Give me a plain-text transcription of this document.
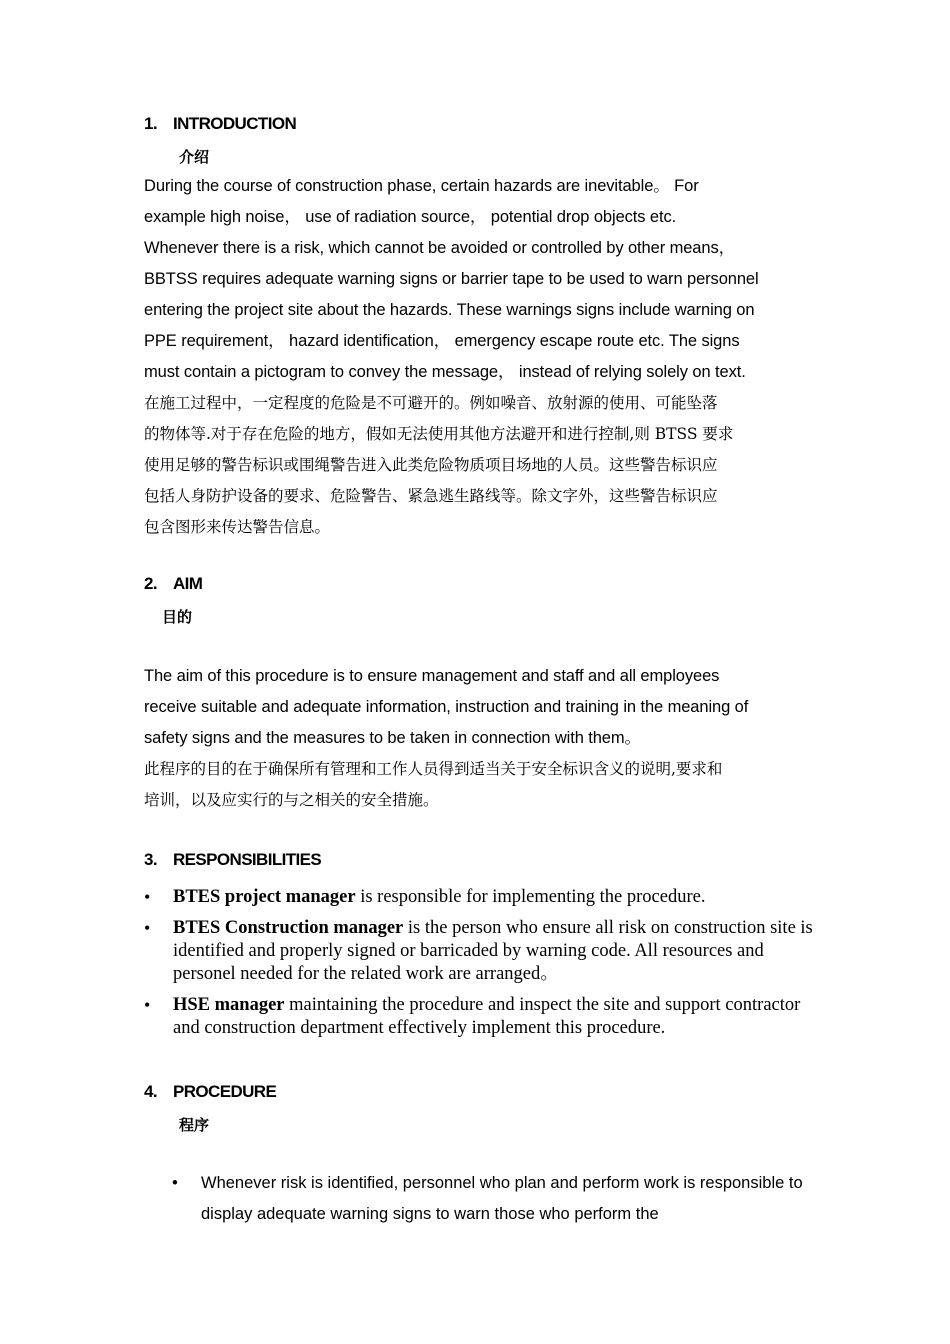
1. INTRODUCTION
介绍
During the course of construction phase, certain hazards are inevitable。 For
example high noise， use of radiation source， potential drop objects etc.
Whenever there is a risk, which cannot be avoided or controlled by other means，
BBTSS requires adequate warning signs or barrier tape to be used to warn personnel
entering the project site about the hazards. These warnings signs include warning on
PPE requirement， hazard identification， emergency escape route etc. The signs
must contain a pictogram to convey the message， instead of relying solely on text.
在施工过程中，一定程度的危险是不可避开的。例如噪音、放射源的使用、可能坠落
的物体等.对于存在危险的地方，假如无法使用其他方法避开和进行控制,则 BTSS 要求
使用足够的警告标识或围绳警告进入此类危险物质项目场地的人员。这些警告标识应
包括人身防护设备的要求、危险警告、紧急逃生路线等。除文字外，这些警告标识应
包含图形来传达警告信息。
2. AIM
目的
The aim of this procedure is to ensure management and staff and all employees
receive suitable and adequate information, instruction and training in the meaning of
safety signs and the measures to be taken in connection with them。
此程序的目的在于确保所有管理和工作人员得到适当关于安全标识含义的说明,要求和
培训，以及应实行的与之相关的安全措施。
3. RESPONSIBILITIES
• BTES project manager is responsible for implementing the procedure.
• BTES Construction manager is the person who ensure all risk on construction site is identified and properly signed or barricaded by warning code. All resources and personel needed for the related work are arranged。
• HSE manager maintaining the procedure and inspect the site and support contractor and construction department effectively implement this procedure.
4. PROCEDURE
程序
• Whenever risk is identified, personnel who plan and perform work is responsible to display adequate warning signs to warn those who perform the
